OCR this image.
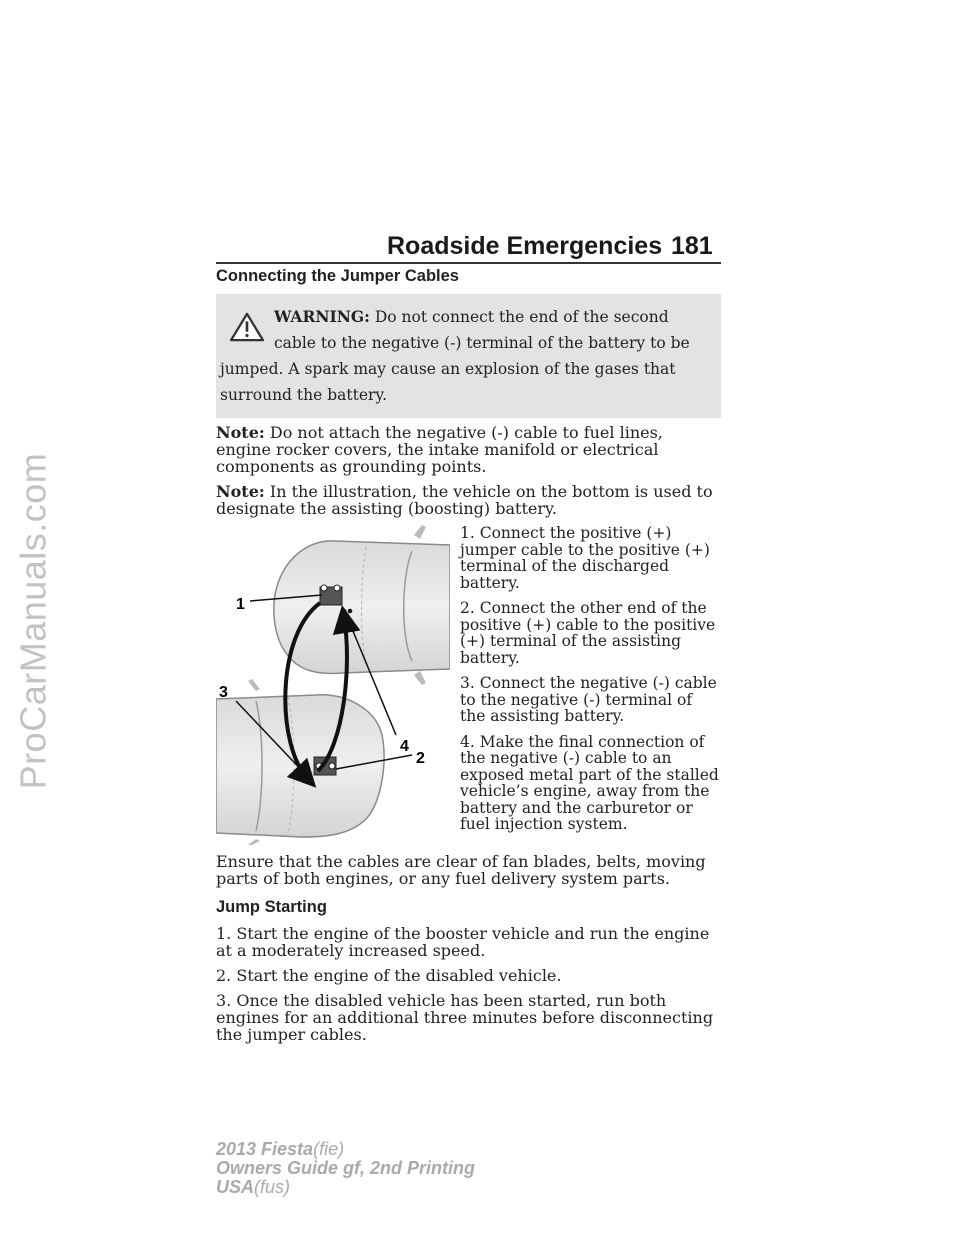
ProCarManuals.com
Roadside Emergencies 181
Connecting the Jumper Cables
WARNING: Do not connect the end of the second cable to the negative (-) terminal of the battery to be jumped. A spark may cause an explosion of the gases that surround the battery.

Note: Do not attach the negative (-) cable to fuel lines, engine rocker covers, the intake manifold or electrical components as grounding points.

Note: In the illustration, the vehicle on the bottom is used to designate the assisting (boosting) battery.

1
2
3
4

1. Connect the positive (+) jumper cable to the positive (+) terminal of the discharged battery.

2. Connect the other end of the positive (+) cable to the positive (+) terminal of the assisting battery.

3. Connect the negative (-) cable to the negative (-) terminal of the assisting battery.

4. Make the final connection of the negative (-) cable to an exposed metal part of the stalled vehicle’s engine, away from the battery and the carburetor or fuel injection system.

Ensure that the cables are clear of fan blades, belts, moving parts of both engines, or any fuel delivery system parts.

Jump Starting

1. Start the engine of the booster vehicle and run the engine at a moderately increased speed.

2. Start the engine of the disabled vehicle.

3. Once the disabled vehicle has been started, run both engines for an additional three minutes before disconnecting the jumper cables.

2013 Fiesta(fie)
Owners Guide gf, 2nd Printing
USA(fus)
